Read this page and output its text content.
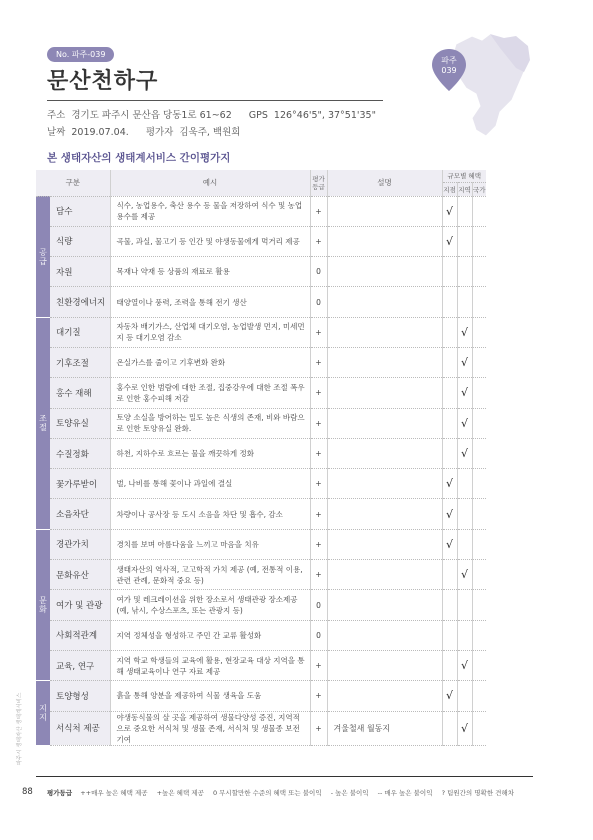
No. 파주-039
문산천하구
파주
039
주소 경기도 파주시 문산읍 당동1로 61~62 GPS 126°46'5", 37°51'35"
날짜 2019.07.04. 평가자 김욱주, 백원희
본 생태자산의 생태계서비스 간이평가지
구분		예시	평가 등급	설명	규모별 혜택			
					지점	지역	국가	

공급	담수	식수, 농업용수, 축산 용수 등 물을 저장하여 식수 및 농업용수를 제공	+		√			
	식량	곡물, 과실, 물고기 등 인간 및 야생동물에게 먹거리 제공	+		√			
	자원	목재나 약재 등 상품의 재료로 활용	0					
	친환경에너지	태양열이나 풍력, 조력을 통해 전기 생산	0					

조절	대기질	자동차 배기가스, 산업체 대기오염, 농업발생 먼지, 미세먼지 등 대기오염 감소	+			√		
	기후조절	온실가스를 줄이고 기후변화 완화	+			√		
	홍수 재해	홍수로 인한 범람에 대한 조절, 집중강우에 대한 조절 폭우로 인한 홍수피해 저감	+			√		
	토양유실	토양 소실을 방어하는 밀도 높은 식생의 존재, 비와 바람으로 인한 토양유실 완화.	+			√		
	수질정화	하천, 지하수로 흐르는 물을 깨끗하게 정화	+			√		
	꽃가루받이	벌, 나비를 통해 꽃이나 과일에 결실	+		√			
	소음차단	차량이나 공사장 등 도시 소음을 차단 및 흡수, 감소	+		√			

문화	경관가치	경치를 보며 아름다움을 느끼고 마음을 치유	+		√			
	문화유산	생태자산의 역사적, 고고학적 가치 제공 (예, 전통적 이용, 관련 관례, 문화적 중요 등)	+			√		
	여가 및 관광	여가 및 레크레이션을 위한 장소로서 생태관광 장소제공 (예, 낚시, 수상스포츠, 또는 관광지 등)	0					
	사회적관계	지역 정체성을 형성하고 주민 간 교류 활성화	0					
	교육, 연구	지역 학교 학생들의 교육에 활용, 현장교육 대상 지역을 통해 생태교육이나 연구 자료 제공	+			√		

지지	토양형성	흙을 통해 양분을 제공하여 식물 생육을 도움	+		√			
	서식처 제공	야생동식물의 살 곳을 제공하여 생물다양성 증진, 지역적으로 중요한 서식처 및 생물 존재, 서식처 및 생물종 보전 기여	+	겨울철새 월동지		√		
파주시 생태자산 생태계서비스
88 평가등급 ++매우 높은 혜택 제공 +높은 혜택 제공 0 무시할만한 수준의 혜택 또는 불이익 - 높은 불이익 -- 매우 높은 불이익 ? 팀원간의 명확한 견해차
